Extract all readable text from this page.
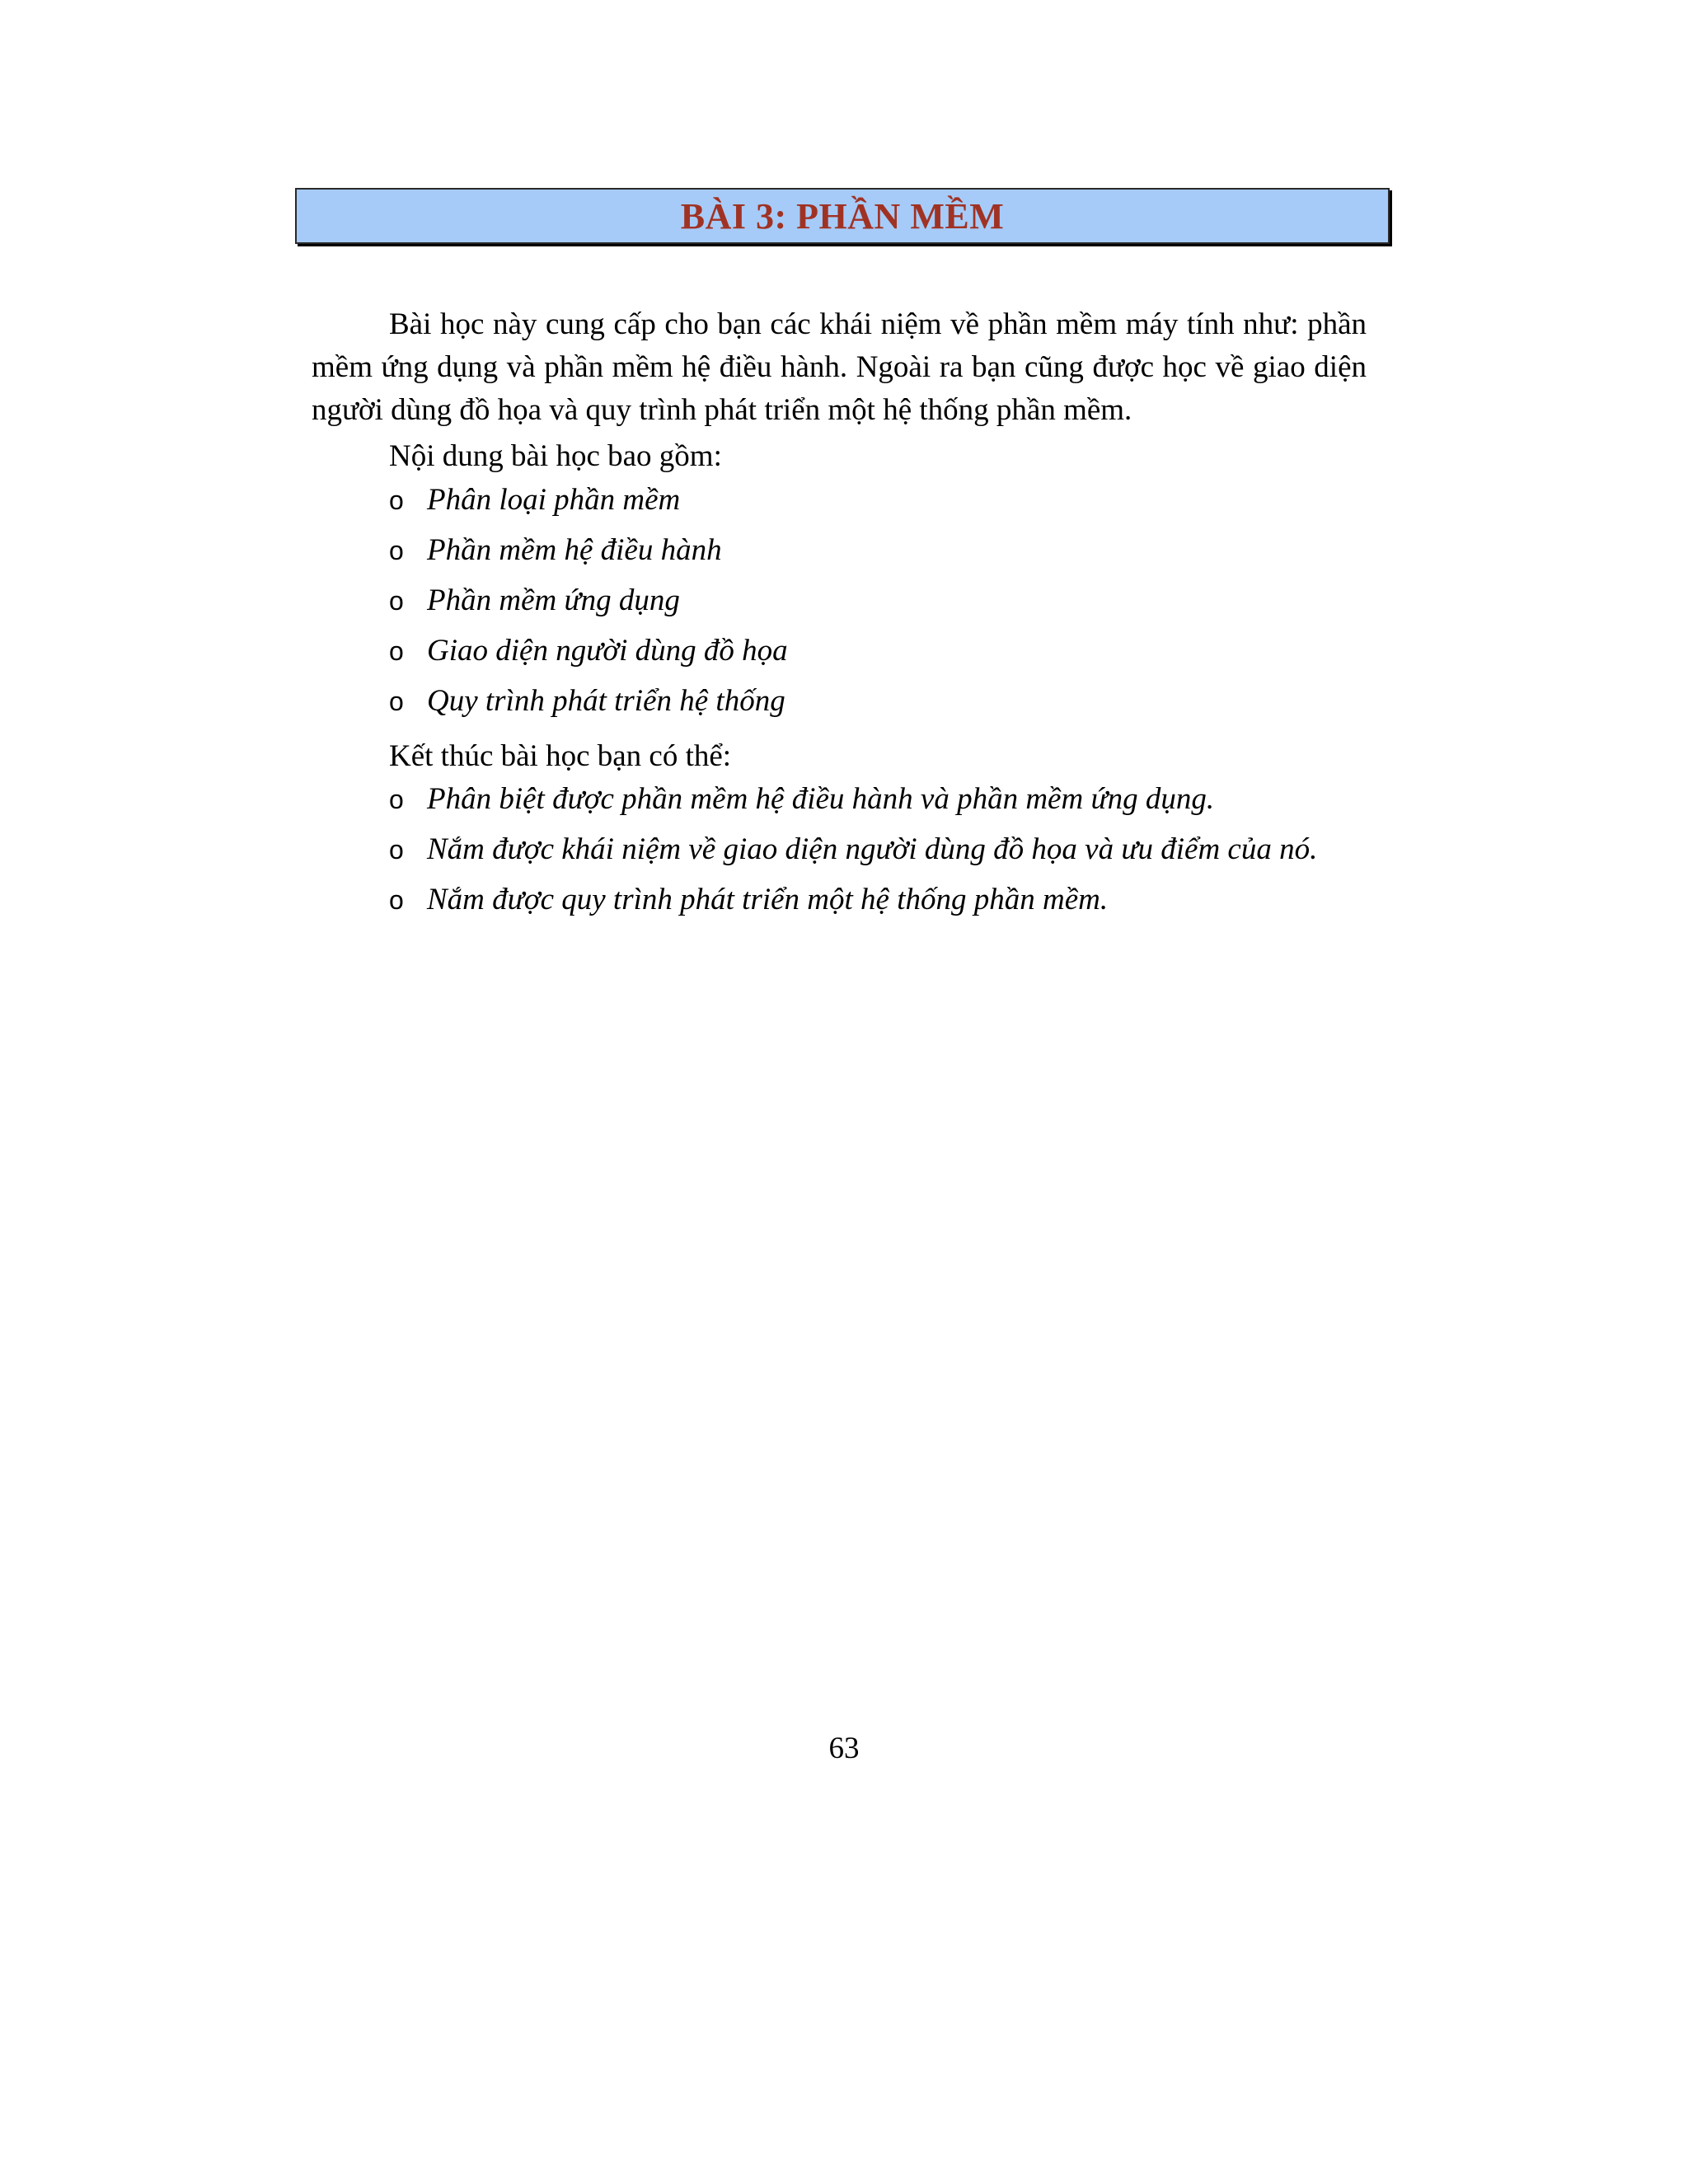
BÀI 3: PHẦN MỀM

Bài học này cung cấp cho bạn các khái niệm về phần mềm máy tính như: phần mềm ứng dụng và phần mềm hệ điều hành. Ngoài ra bạn cũng được học về giao diện người dùng đồ họa và quy trình phát triển một hệ thống phần mềm.

Nội dung bài học bao gồm:

o Phân loại phần mềm
o Phần mềm hệ điều hành
o Phần mềm ứng dụng
o Giao diện người dùng đồ họa
o Quy trình phát triển hệ thống

Kết thúc bài học bạn có thể:

o Phân biệt được phần mềm hệ điều hành và phần mềm ứng dụng.
o Nắm được khái niệm về giao diện người dùng đồ họa và ưu điểm của nó.
o Nắm được quy trình phát triển một hệ thống phần mềm.
63
